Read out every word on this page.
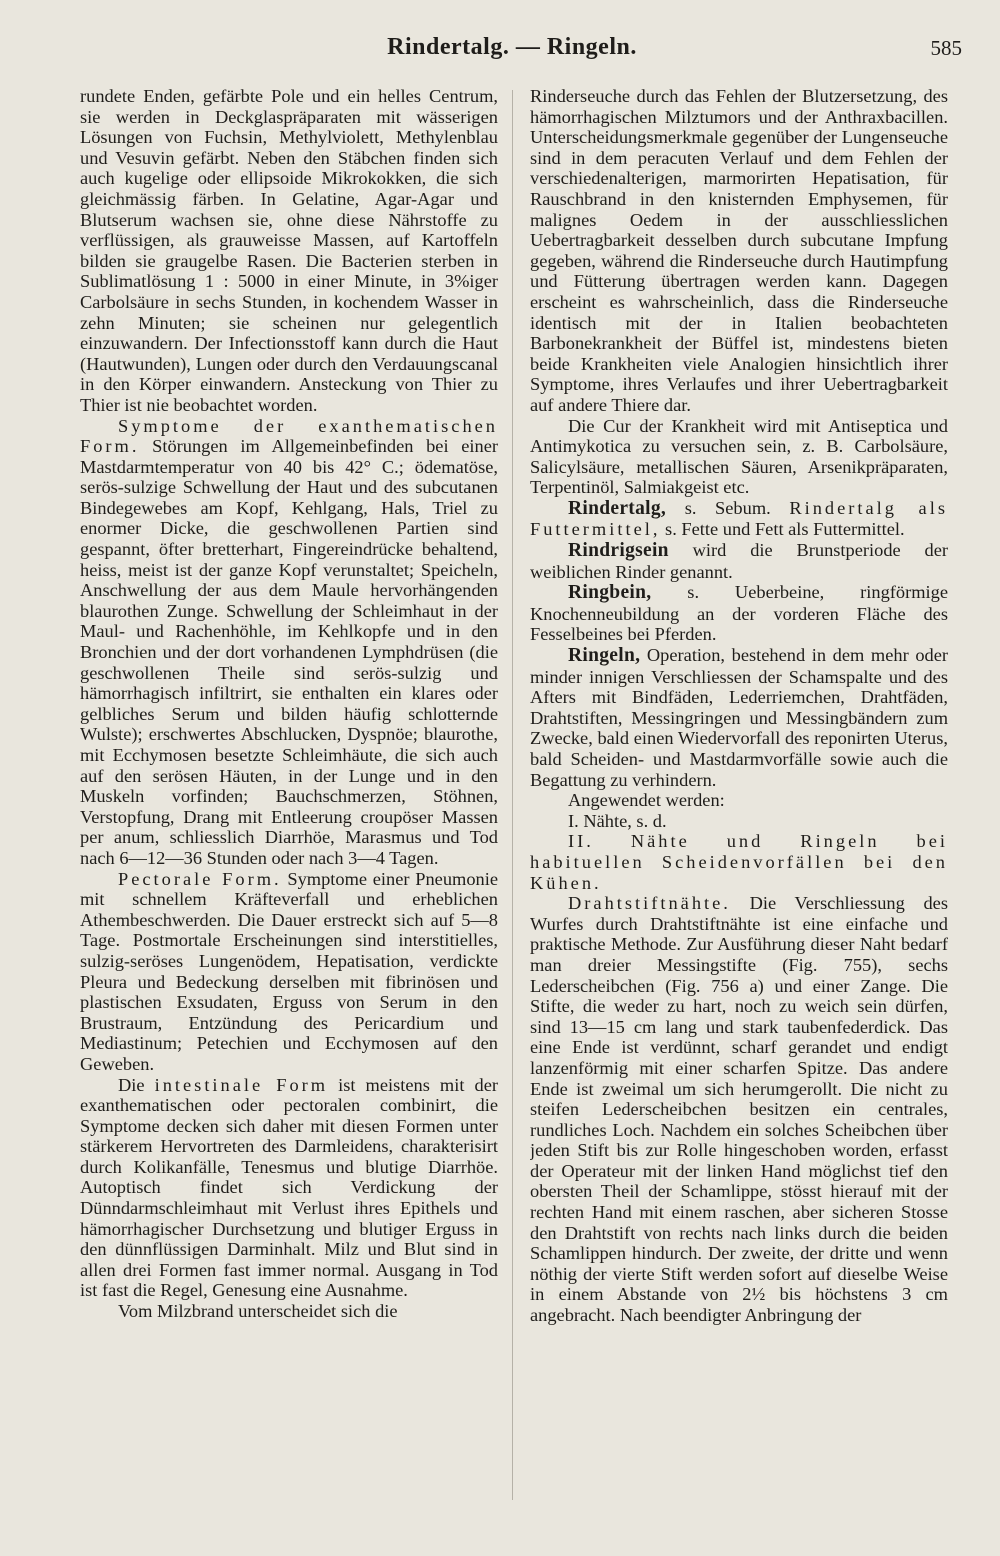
Rindertalg. — Ringeln.	585

rundete Enden, gefärbte Pole und ein helles Centrum, sie werden in Deckglaspräparaten mit wässerigen Lösungen von Fuchsin, Methylviolett, Methylenblau und Vesuvin gefärbt. Neben den Stäbchen finden sich auch kugelige oder ellipsoide Mikrokokken, die sich gleichmässig färben. In Gelatine, Agar-Agar und Blutserum wachsen sie, ohne diese Nährstoffe zu verflüssigen, als grauweisse Massen, auf Kartoffeln bilden sie graugelbe Rasen. Die Bacterien sterben in Sublimatlösung 1 : 5000 in einer Minute, in 3%iger Carbolsäure in sechs Stunden, in kochendem Wasser in zehn Minuten; sie scheinen nur gelegentlich einzuwandern. Der Infectionsstoff kann durch die Haut (Hautwunden), Lungen oder durch den Verdauungscanal in den Körper einwandern. Ansteckung von Thier zu Thier ist nie beobachtet worden.

Symptome der exanthematischen Form. Störungen im Allgemeinbefinden bei einer Mastdarmtemperatur von 40 bis 42° C.; ödematöse, serös-sulzige Schwellung der Haut und des subcutanen Bindegewebes am Kopf, Kehlgang, Hals, Triel zu enormer Dicke, die geschwollenen Partien sind gespannt, öfter bretterhart, Fingereindrücke behaltend, heiss, meist ist der ganze Kopf verunstaltet; Speicheln, Anschwellung der aus dem Maule hervorhängenden blaurothen Zunge. Schwellung der Schleimhaut in der Maul- und Rachenhöhle, im Kehlkopfe und in den Bronchien und der dort vorhandenen Lymphdrüsen (die geschwollenen Theile sind serös-sulzig und hämorrhagisch infiltrirt, sie enthalten ein klares oder gelbliches Serum und bilden häufig schlotternde Wulste); erschwertes Abschlucken, Dyspnöe; blaurothe, mit Ecchymosen besetzte Schleimhäute, die sich auch auf den serösen Häuten, in der Lunge und in den Muskeln vorfinden; Bauchschmerzen, Stöhnen, Verstopfung, Drang mit Entleerung croupöser Massen per anum, schliesslich Diarrhöe, Marasmus und Tod nach 6—12—36 Stunden oder nach 3—4 Tagen.

Pectorale Form. Symptome einer Pneumonie mit schnellem Kräfteverfall und erheblichen Athembeschwerden. Die Dauer erstreckt sich auf 5—8 Tage. Postmortale Erscheinungen sind interstitielles, sulzig-seröses Lungenödem, Hepatisation, verdickte Pleura und Bedeckung derselben mit fibrinösen und plastischen Exsudaten, Erguss von Serum in den Brustraum, Entzündung des Pericardium und Mediastinum; Petechien und Ecchymosen auf den Geweben.

Die intestinale Form ist meistens mit der exanthematischen oder pectoralen combinirt, die Symptome decken sich daher mit diesen Formen unter stärkerem Hervortreten des Darmleidens, charakterisirt durch Kolikanfälle, Tenesmus und blutige Diarrhöe. Autoptisch findet sich Verdickung der Dünndarmschleimhaut mit Verlust ihres Epithels und hämorrhagischer Durchsetzung und blutiger Erguss in den dünnflüssigen Darminhalt. Milz und Blut sind in allen drei Formen fast immer normal. Ausgang in Tod ist fast die Regel, Genesung eine Ausnahme.

Vom Milzbrand unterscheidet sich die

Rinderseuche durch das Fehlen der Blutzersetzung, des hämorrhagischen Milztumors und der Anthraxbacillen. Unterscheidungsmerkmale gegenüber der Lungenseuche sind in dem peracuten Verlauf und dem Fehlen der verschiedenalterigen, marmorirten Hepatisation, für Rauschbrand in den knisternden Emphysemen, für malignes Oedem in der ausschliesslichen Uebertragbarkeit desselben durch subcutane Impfung gegeben, während die Rinderseuche durch Hautimpfung und Fütterung übertragen werden kann. Dagegen erscheint es wahrscheinlich, dass die Rinderseuche identisch mit der in Italien beobachteten Barbonekrankheit der Büffel ist, mindestens bieten beide Krankheiten viele Analogien hinsichtlich ihrer Symptome, ihres Verlaufes und ihrer Uebertragbarkeit auf andere Thiere dar.

Die Cur der Krankheit wird mit Antiseptica und Antimykotica zu versuchen sein, z. B. Carbolsäure, Salicylsäure, metallischen Säuren, Arsenikpräparaten, Terpentinöl, Salmiakgeist etc.

Rindertalg, s. Sebum. Rindertalg als Futtermittel, s. Fette und Fett als Futtermittel.

Rindrigsein wird die Brunstperiode der weiblichen Rinder genannt.

Ringbein, s. Ueberbeine, ringförmige Knochenneubildung an der vorderen Fläche des Fesselbeines bei Pferden.

Ringeln, Operation, bestehend in dem mehr oder minder innigen Verschliessen der Schamspalte und des Afters mit Bindfäden, Lederriemchen, Drahtfäden, Drahtstiften, Messingringen und Messingbändern zum Zwecke, bald einen Wiedervorfall des reponirten Uterus, bald Scheiden- und Mastdarmvorfälle sowie auch die Begattung zu verhindern.

Angewendet werden:

I. Nähte, s. d.

II. Nähte und Ringeln bei habituellen Scheidenvorfällen bei den Kühen.

Drahtstiftnähte. Die Verschliessung des Wurfes durch Drahtstiftnähte ist eine einfache und praktische Methode. Zur Ausführung dieser Naht bedarf man dreier Messingstifte (Fig. 755), sechs Lederscheibchen (Fig. 756 a) und einer Zange. Die Stifte, die weder zu hart, noch zu weich sein dürfen, sind 13—15 cm lang und stark taubenfederdick. Das eine Ende ist verdünnt, scharf gerandet und endigt lanzenförmig mit einer scharfen Spitze. Das andere Ende ist zweimal um sich herumgerollt. Die nicht zu steifen Lederscheibchen besitzen ein centrales, rundliches Loch. Nachdem ein solches Scheibchen über jeden Stift bis zur Rolle hingeschoben worden, erfasst der Operateur mit der linken Hand möglichst tief den obersten Theil der Schamlippe, stösst hierauf mit der rechten Hand mit einem raschen, aber sicheren Stosse den Drahtstift von rechts nach links durch die beiden Schamlippen hindurch. Der zweite, der dritte und wenn nöthig der vierte Stift werden sofort auf dieselbe Weise in einem Abstande von 2½ bis höchstens 3 cm angebracht. Nach beendigter Anbringung der
